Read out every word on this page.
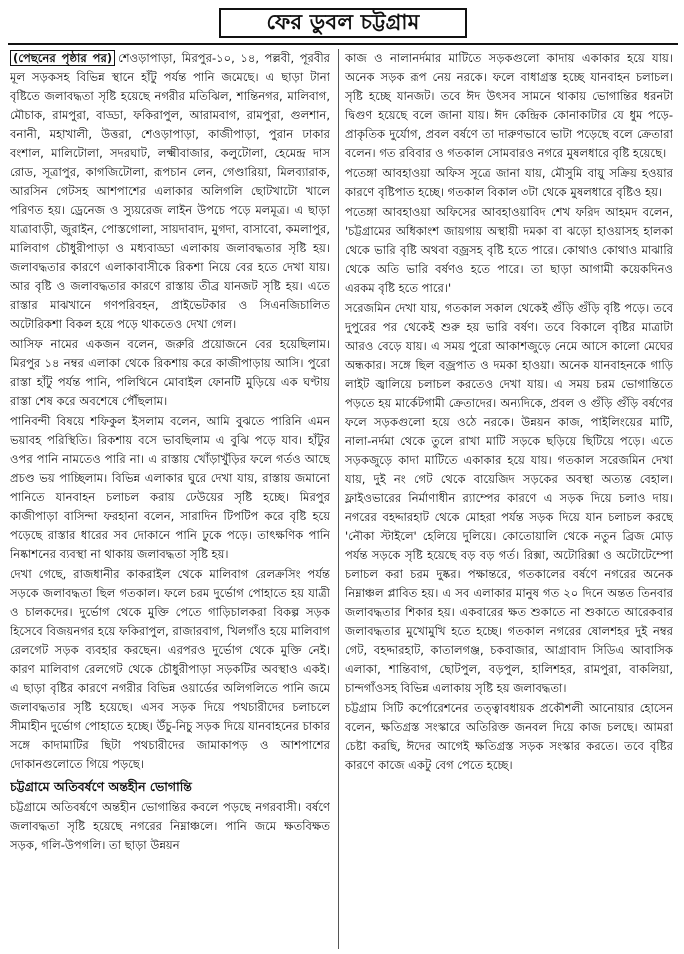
ফের ডুবল চট্টগ্রাম

(পেছনের পৃষ্ঠার পর) শেওড়াপাড়া, মিরপুর-১০, ১৪, পল্লবী, পূরবীর মূল সড়কসহ বিভিন্ন স্থানে হাঁটু পর্যন্ত পানি জমেছে। এ ছাড়া টানা বৃষ্টিতে জলাবদ্ধতা সৃষ্টি হয়েছে নগরীর মতিঝিল, শান্তিনগর, মালিবাগ, মৌচাক, রামপুরা, বাড্ডা, ফকিরাপুল, আরামবাগ, রামপুরা, গুলশান, বনানী, মহাখালী, উত্তরা, শেওড়াপাড়া, কাজীপাড়া, পুরান ঢাকার বংশাল, মালিটোলা, সদরঘাট, লক্ষ্মীবাজার, কলুটোলা, হেমেন্দ্র দাস রোড, সূত্রাপুর, কাগজিটোলা, রূপচান লেন, গেণ্ডারিয়া, মিলব্যারাক, আরসিন গেটসহ আশপাশের এলাকার অলিগলি ছোটখাটো খালে পরিণত হয়। ড্রেনেজ ও স্যুয়রেজ লাইন উপচে পড়ে মলমূত্র। এ ছাড়া যাত্রাবাড়ী, জুরাইন, পোস্তগোলা, সায়দাবাদ, মুগদা, বাসাবো, কমলাপুর, মালিবাগ চৌধুরীপাড়া ও মধ্যবাড্ডা এলাকায় জলাবদ্ধতার সৃষ্টি হয়। জলাবদ্ধতার কারণে এলাকাবাসীকে রিকশা নিয়ে বের হতে দেখা যায়। আর বৃষ্টি ও জলাবদ্ধতার কারণে রাস্তায় তীব্র যানজট সৃষ্টি হয়। এতে রাস্তার মাঝখানে গণপরিবহন, প্রাইভেটকার ও সিএনজিচালিত অটোরিকশা বিকল হয়ে পড়ে থাকতেও দেখা গেল।

আসিফ নামের একজন বলেন, জরুরি প্রয়োজনে বের হয়েছিলাম। মিরপুর ১৪ নম্বর এলাকা থেকে রিকশায় করে কাজীপাড়ায় আসি। পুরো রাস্তা হাঁটু পর্যন্ত পানি, পলিথিনে মোবাইল ফোনটি মুড়িয়ে এক ঘণ্টায় রাস্তা শেষ করে অবশেষে পৌঁছলাম।

পানিবন্দী বিষয়ে শফিকুল ইসলাম বলেন, আমি বুঝতে পারিনি এমন ভয়াবহ পরিস্থিতি। রিকশায় বসে ভাবছিলাম এ বুঝি পড়ে যাব। হাঁটুর ওপর পানি নামতেও পারি না। এ রাস্তায় খোঁড়াখুঁড়ির ফলে গর্তও আছে প্রচণ্ড ভয় পাচ্ছিলাম। বিভিন্ন এলাকার ঘুরে দেখা যায়, রাস্তায় জমানো পানিতে যানবাহন চলাচল করায় ঢেউয়ের সৃষ্টি হচ্ছে। মিরপুর কাজীপাড়া বাসিন্দা ফরহানা বলেন, সারাদিন টিপটিপ করে বৃষ্টি হয়ে পড়েছে রাস্তার ধারের সব দোকানে পানি ঢুকে পড়ে। তাৎক্ষণিক পানি নিষ্কাশনের ব্যবস্থা না থাকায় জলাবদ্ধতা সৃষ্টি হয়।

দেখা গেছে, রাজধানীর কাকরাইল থেকে মালিবাগ রেলক্রসিং পর্যন্ত সড়কে জলাবদ্ধতা ছিল গতকাল। ফলে চরম দুর্ভোগ পোহাতে হয় যাত্রী ও চালকদের। দুর্ভোগ থেকে মুক্তি পেতে গাড়িচালকরা বিকল্প সড়ক হিসেবে বিজয়নগর হয়ে ফকিরাপুল, রাজারবাগ, খিলগাঁও হয়ে মালিবাগ রেলগেট সড়ক ব্যবহার করছেন। এরপরও দুর্ভোগ থেকে মুক্তি নেই। কারণ মালিবাগ রেলগেট থেকে চৌধুরীপাড়া সড়কটির অবস্থাও একই। এ ছাড়া বৃষ্টির কারণে নগরীর বিভিন্ন ওয়ার্ডের অলিগলিতে পানি জমে জলাবদ্ধতার সৃষ্টি হয়েছে। এসব সড়ক দিয়ে পথচারীদের চলাচলে সীমাহীন দুর্ভোগ পোহাতে হচ্ছে। উঁচু-নিচু সড়ক দিয়ে যানবাহনের চাকার সঙ্গে কাদামাটির ছিটা পথচারীদের জামাকাপড় ও আশপাশের দোকানগুলোতে গিয়ে পড়ছে।

চট্টগ্রামে অতিবর্ষণে অন্তহীন ভোগান্তি

চট্টগ্রামে অতিবর্ষণে অন্তহীন ভোগান্তির কবলে পড়ছে নগরবাসী। বর্ষণে জলাবদ্ধতা সৃষ্টি হয়েছে নগরের নিম্নাঞ্চলে। পানি জমে ক্ষতবিক্ষত সড়ক, গলি-উপগলি। তা ছাড়া উন্নয়ন

কাজ ও নালানর্দমার মাটিতে সড়কগুলো কাদায় একাকার হয়ে যায়। অনেক সড়ক রূপ নেয় নরকে। ফলে বাধাগ্রস্ত হচ্ছে যানবাহন চলাচল। সৃষ্টি হচ্ছে যানজট। তবে ঈদ উৎসব সামনে থাকায় ভোগান্তির ধরনটা দ্বিগুণ হয়েছে বলে জানা যায়। ঈদ কেন্দ্রিক কোনাকাটার যে ধুম পড়ে- প্রাকৃতিক দুর্যোগ, প্রবল বর্ষণে তা দারুণভাবে ভাটা পড়েছে বলে ক্রেতারা বলেন। গত রবিবার ও গতকাল সোমবারও নগরে মুষলধারে বৃষ্টি হয়েছে।

পতেঙ্গা আবহাওয়া অফিস সূত্রে জানা যায়, মৌসুমি বায়ু সক্রিয় হওয়ার কারণে বৃষ্টিপাত হচ্ছে। গতকাল বিকাল ৩টা থেকে মুষলধারে বৃষ্টিও হয়।

পতেঙ্গা আবহাওয়া অফিসের আবহাওয়াবিদ শেখ ফরিদ আহমদ বলেন, 'চট্টগ্রামের অধিকাংশ জায়গায় অস্থায়ী দমকা বা ঝড়ো হাওয়াসহ হালকা থেকে ভারি বৃষ্টি অথবা বজ্রসহ বৃষ্টি হতে পারে। কোথাও কোথাও মাঝারি থেকে অতি ভারি বর্ষণও হতে পারে। তা ছাড়া আগামী কয়েকদিনও এরকম বৃষ্টি হতে পারে।'

সরেজমিন দেখা যায়, গতকাল সকাল থেকেই গুঁড়ি গুঁড়ি বৃষ্টি পড়ে। তবে দুপুরের পর থেকেই শুরু হয় ভারি বর্ষণ। তবে বিকালে বৃষ্টির মাত্রাটা আরও বেড়ে যায়। এ সময় পুরো আকাশজুড়ে নেমে আসে কালো মেঘের অন্ধকার। সঙ্গে ছিল বজ্রপাত ও দমকা হাওয়া। অনেক যানবাহনকে গাড়ি লাইট জ্বালিয়ে চলাচল করতেও দেখা যায়। এ সময় চরম ভোগান্তিতে পড়তে হয় মার্কেটগামী ক্রেতাদের। অন্যদিকে, প্রবল ও গুঁড়ি গুঁড়ি বর্ষণের ফলে সড়কগুলো হয়ে ওঠে নরকে। উন্নয়ন কাজ, পাইলিংয়ের মাটি, নালা-নর্দমা থেকে তুলে রাখা মাটি সড়কে ছড়িয়ে ছিটিয়ে পড়ে। এতে সড়কজুড়ে কাদা মাটিতে একাকার হয়ে যায়। গতকাল সরেজমিন দেখা যায়, দুই নং গেট থেকে বায়েজিদ সড়কের অবস্থা অত্যন্ত বেহাল। ফ্লাইওভারের নির্মাণাধীন র‍্যাম্পের কারণে এ সড়ক দিয়ে চলাও দায়। নগরের বহদ্দারহাট থেকে মোহরা পর্যন্ত সড়ক দিয়ে যান চলাচল করছে 'নৌকা স্টাইলে' হেলিয়ে দুলিয়ে। কোতোয়ালি থেকে নতুন ব্রিজ মোড় পর্যন্ত সড়কে সৃষ্টি হয়েছে বড় বড় গর্ত। রিক্সা, অটোরিক্সা ও অটোটেম্পো চলাচল করা চরম দুষ্কর। পক্ষান্তরে, গতকালের বর্ষণে নগরের অনেক নিম্নাঞ্চল প্লাবিত হয়। এ সব এলাকার মানুষ গত ২০ দিনে অন্তত তিনবার জলাবদ্ধতার শিকার হয়। একবারের ক্ষত শুকাতে না শুকাতে আরেকবার জলাবদ্ধতার মুখোমুখি হতে হচ্ছে। গতকাল নগরের ষোলশহর দুই নম্বর গেট, বহদ্দারহাট, কাতালগঞ্জ, চকবাজার, আগ্রাবাদ সিডিএ আবাসিক এলাকা, শান্তিবাগ, ছোটপুল, বড়পুল, হালিশহর, রামপুরা, বাকলিয়া, চান্দগাঁওসহ বিভিন্ন এলাকায় সৃষ্টি হয় জলাবদ্ধতা।

চট্টগ্রাম সিটি কর্পোরেশনের তত্ত্বাবধায়ক প্রকৌশলী আনোয়ার হোসেন বলেন, ক্ষতিগ্রস্ত সংস্কারে অতিরিক্ত জনবল দিয়ে কাজ চলছে। আমরা চেষ্টা করছি, ঈদের আগেই ক্ষতিগ্রস্ত সড়ক সংস্কার করতে। তবে বৃষ্টির কারণে কাজে একটু বেগ পেতে হচ্ছে।
